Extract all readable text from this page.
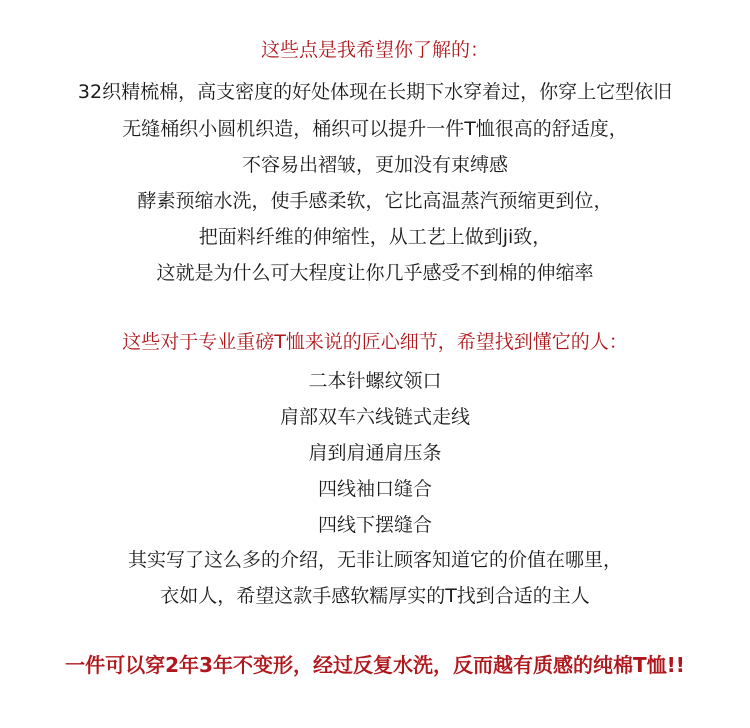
这些点是我希望你了解的：
32织精梳棉，高支密度的好处体现在长期下水穿着过，你穿上它型依旧
无缝桶织小圆机织造，桶织可以提升一件T恤很高的舒适度，
不容易出褶皱，更加没有束缚感
酵素预缩水洗，使手感柔软，它比高温蒸汽预缩更到位，
把面料纤维的伸缩性，从工艺上做到ji致，
这就是为什么可大程度让你几乎感受不到棉的伸缩率
这些对于专业重磅T恤来说的匠心细节，希望找到懂它的人：
二本针螺纹领口
肩部双车六线链式走线
肩到肩通肩压条
四线袖口缝合
四线下摆缝合
其实写了这么多的介绍，无非让顾客知道它的价值在哪里，
衣如人，希望这款手感软糯厚实的T找到合适的主人
一件可以穿2年3年不变形，经过反复水洗，反而越有质感的纯棉T恤!!
